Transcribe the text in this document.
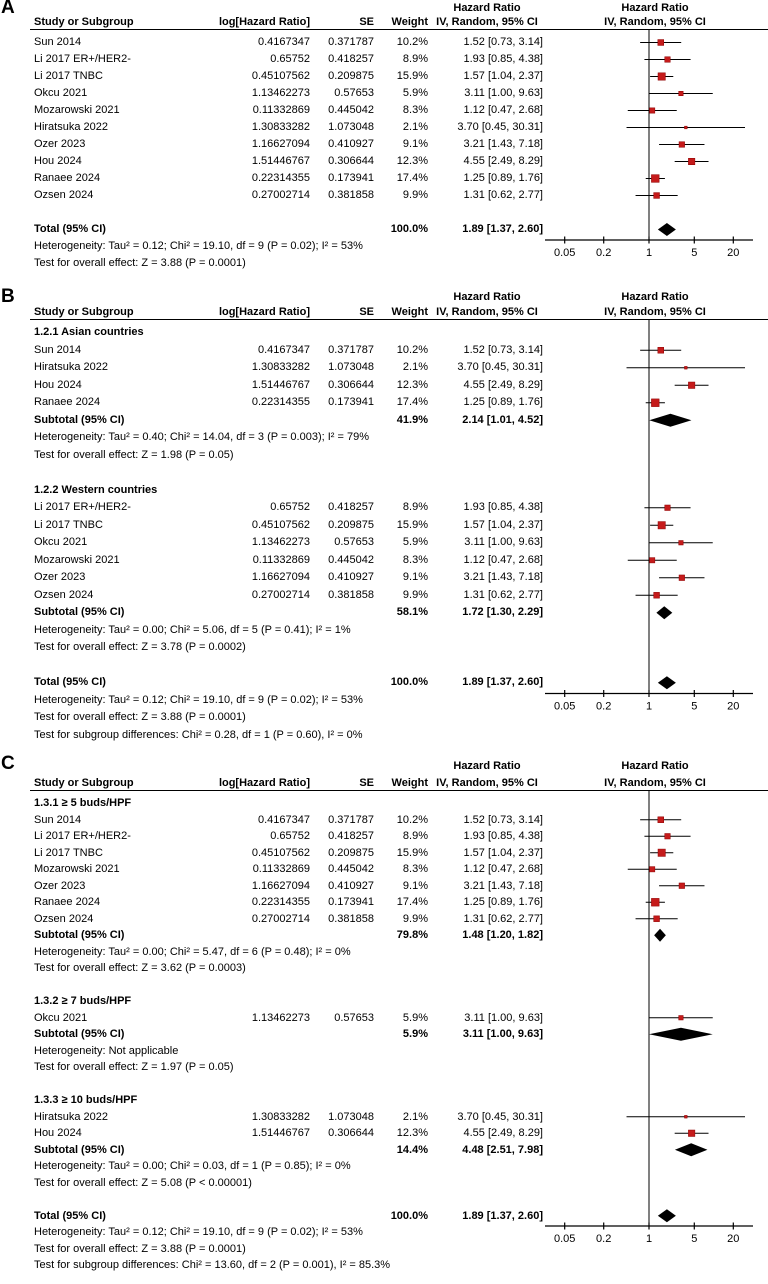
A
Study or Subgroup	log[Hazard Ratio]	SE	Weight
Hazard Ratio
IV, Random, 95% CI
Hazard Ratio
IV, Random, 95% CI
Sun 2014	0.4167347	0.371787	10.2%	1.52 [0.73, 3.14]
Li 2017 ER+/HER2-	0.65752	0.418257	8.9%	1.93 [0.85, 4.38]
Li 2017 TNBC	0.45107562	0.209875	15.9%	1.57 [1.04, 2.37]
Okcu 2021	1.13462273	0.57653	5.9%	3.11 [1.00, 9.63]
Mozarowski 2021	0.11332869	0.445042	8.3%	1.12 [0.47, 2.68]
Hiratsuka 2022	1.30833282	1.073048	2.1%	3.70 [0.45, 30.31]
Ozer 2023	1.16627094	0.410927	9.1%	3.21 [1.43, 7.18]
Hou 2024	1.51446767	0.306644	12.3%	4.55 [2.49, 8.29]
Ranaee 2024	0.22314355	0.173941	17.4%	1.25 [0.89, 1.76]
Ozsen 2024	0.27002714	0.381858	9.9%	1.31 [0.62, 2.77]
Total (95% CI)	100.0%	1.89 [1.37, 2.60]
Heterogeneity: Tau² = 0.12; Chi² = 19.10, df = 9 (P = 0.02); I² = 53%
Test for overall effect: Z = 3.88 (P = 0.0001)
0.05 0.2	1	5	20
B
Study or Subgroup	log[Hazard Ratio]	SE	Weight
Hazard Ratio
IV, Random, 95% CI
Hazard Ratio
IV, Random, 95% CI
1.2.1 Asian countries
Sun 2014	0.4167347	0.371787	10.2%	1.52 [0.73, 3.14]
Hiratsuka 2022	1.30833282	1.073048	2.1%	3.70 [0.45, 30.31]
Hou 2024	1.51446767	0.306644	12.3%	4.55 [2.49, 8.29]
Ranaee 2024	0.22314355	0.173941	17.4%	1.25 [0.89, 1.76]
Subtotal (95% CI)	41.9%	2.14 [1.01, 4.52]
Heterogeneity: Tau² = 0.40; Chi² = 14.04, df = 3 (P = 0.003); I² = 79%
Test for overall effect: Z = 1.98 (P = 0.05)
1.2.2 Western countries
Li 2017 ER+/HER2-	0.65752	0.418257	8.9%	1.93 [0.85, 4.38]
Li 2017 TNBC	0.45107562	0.209875	15.9%	1.57 [1.04, 2.37]
Okcu 2021	1.13462273	0.57653	5.9%	3.11 [1.00, 9.63]
Mozarowski 2021	0.11332869	0.445042	8.3%	1.12 [0.47, 2.68]
Ozer 2023	1.16627094	0.410927	9.1%	3.21 [1.43, 7.18]
Ozsen 2024	0.27002714	0.381858	9.9%	1.31 [0.62, 2.77]
Subtotal (95% CI)	58.1%	1.72 [1.30, 2.29]
Heterogeneity: Tau² = 0.00; Chi² = 5.06, df = 5 (P = 0.41); I² = 1%
Test for overall effect: Z = 3.78 (P = 0.0002)
Total (95% CI)	100.0%	1.89 [1.37, 2.60]
Heterogeneity: Tau² = 0.12; Chi² = 19.10, df = 9 (P = 0.02); I² = 53%
Test for overall effect: Z = 3.88 (P = 0.0001)
Test for subgroup differences: Chi² = 0.28, df = 1 (P = 0.60), I² = 0%
0.05 0.2	1	5	20
C
Study or Subgroup	log[Hazard Ratio]	SE	Weight
Hazard Ratio
IV, Random, 95% CI
Hazard Ratio
IV, Random, 95% CI
1.3.1 ≥ 5 buds/HPF
Sun 2014	0.4167347	0.371787	10.2%	1.52 [0.73, 3.14]
Li 2017 ER+/HER2-	0.65752	0.418257	8.9%	1.93 [0.85, 4.38]
Li 2017 TNBC	0.45107562	0.209875	15.9%	1.57 [1.04, 2.37]
Mozarowski 2021	0.11332869	0.445042	8.3%	1.12 [0.47, 2.68]
Ozer 2023	1.16627094	0.410927	9.1%	3.21 [1.43, 7.18]
Ranaee 2024	0.22314355	0.173941	17.4%	1.25 [0.89, 1.76]
Ozsen 2024	0.27002714	0.381858	9.9%	1.31 [0.62, 2.77]
Subtotal (95% CI)	79.8%	1.48 [1.20, 1.82]
Heterogeneity: Tau² = 0.00; Chi² = 5.47, df = 6 (P = 0.48); I² = 0%
Test for overall effect: Z = 3.62 (P = 0.0003)
1.3.2 ≥ 7 buds/HPF
Okcu 2021	1.13462273	0.57653	5.9%	3.11 [1.00, 9.63]
Subtotal (95% CI)	5.9%	3.11 [1.00, 9.63]
Heterogeneity: Not applicable
Test for overall effect: Z = 1.97 (P = 0.05)
1.3.3 ≥ 10 buds/HPF
Hiratsuka 2022	1.30833282	1.073048	2.1%	3.70 [0.45, 30.31]
Hou 2024	1.51446767	0.306644	12.3%	4.55 [2.49, 8.29]
Subtotal (95% CI)	14.4%	4.48 [2.51, 7.98]
Heterogeneity: Tau² = 0.00; Chi² = 0.03, df = 1 (P = 0.85); I² = 0%
Test for overall effect: Z = 5.08 (P < 0.00001)
Total (95% CI)	100.0%	1.89 [1.37, 2.60]
Heterogeneity: Tau² = 0.12; Chi² = 19.10, df = 9 (P = 0.02); I² = 53%
Test for overall effect: Z = 3.88 (P = 0.0001)
Test for subgroup differences: Chi² = 13.60, df = 2 (P = 0.001), I² = 85.3%
0.05 0.2	1	5	20
